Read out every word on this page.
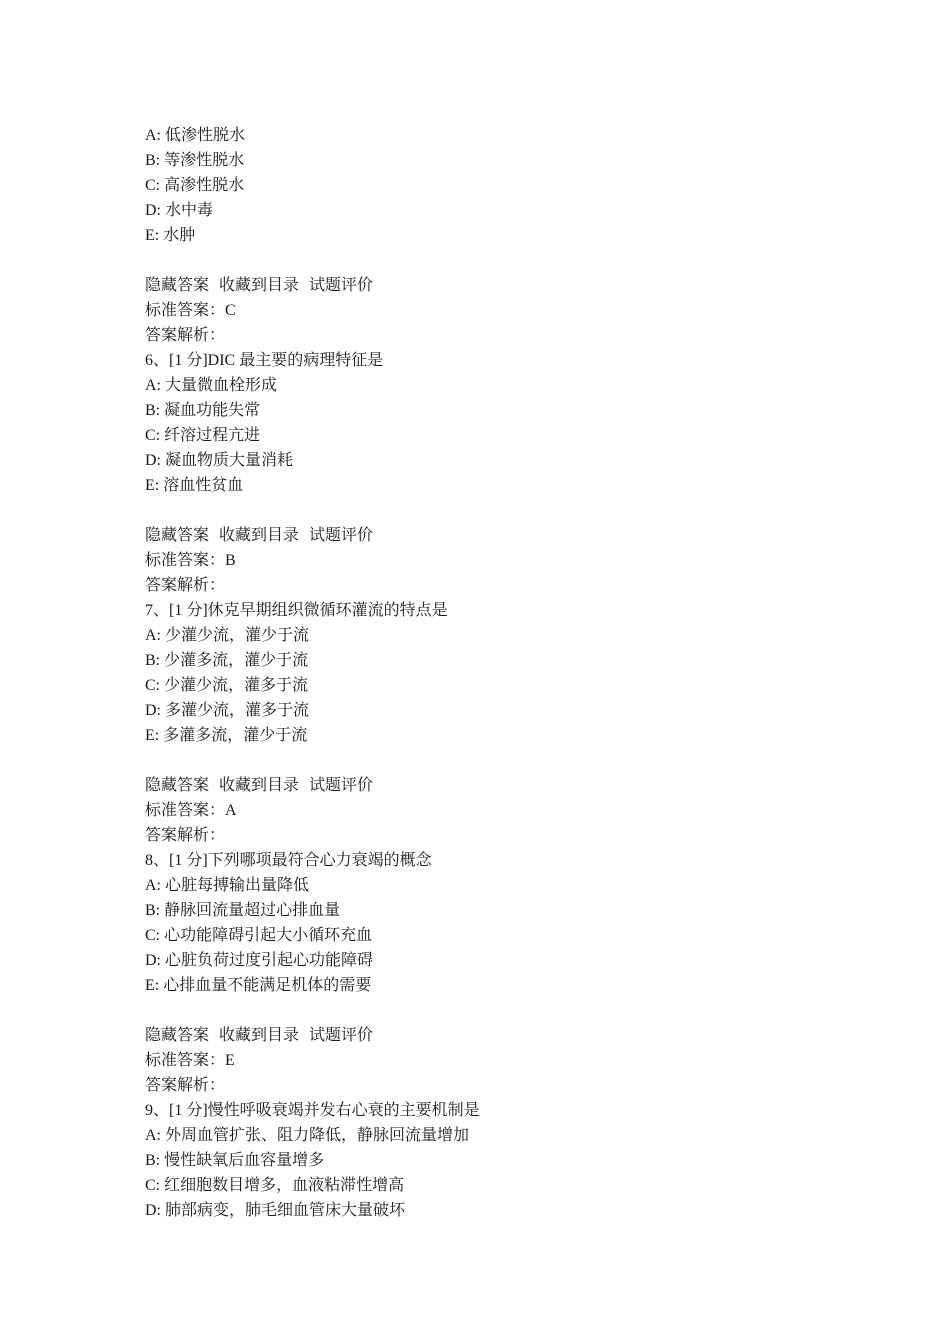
A: 低渗性脱水
B: 等渗性脱水
C: 高渗性脱水
D: 水中毒
E: 水肿
隐藏答案 收藏到目录 试题评价
标准答案：C
答案解析：
6、[1 分]DIC 最主要的病理特征是
A: 大量微血栓形成
B: 凝血功能失常
C: 纤溶过程亢进
D: 凝血物质大量消耗
E: 溶血性贫血
隐藏答案 收藏到目录 试题评价
标准答案：B
答案解析：
7、[1 分]休克早期组织微循环灌流的特点是
A: 少灌少流，灌少于流
B: 少灌多流，灌少于流
C: 少灌少流，灌多于流
D: 多灌少流，灌多于流
E: 多灌多流，灌少于流
隐藏答案 收藏到目录 试题评价
标准答案：A
答案解析：
8、[1 分]下列哪项最符合心力衰竭的概念
A: 心脏每搏输出量降低
B: 静脉回流量超过心排血量
C: 心功能障碍引起大小循环充血
D: 心脏负荷过度引起心功能障碍
E: 心排血量不能满足机体的需要
隐藏答案 收藏到目录 试题评价
标准答案：E
答案解析：
9、[1 分]慢性呼吸衰竭并发右心衰的主要机制是
A: 外周血管扩张、阻力降低，静脉回流量增加
B: 慢性缺氧后血容量增多
C: 红细胞数目增多，血液粘滞性增高
D: 肺部病变，肺毛细血管床大量破坏
